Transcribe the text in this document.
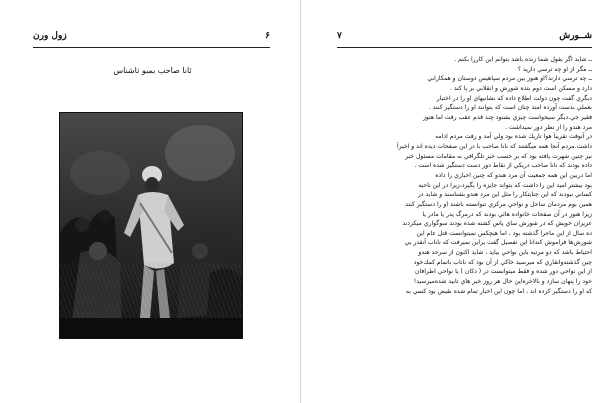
زول ورن	۶
ئانا صاحب بمبو تاشناس
شــورش
۷
ــ شايد اگر بقول شما زنده باشد بتوانم اين كاررا بكنم .
ــ مگر از او چه ترسي داريد ؟
ــ چه ترسي دارند؟او هنوز بين مردم سپاهيس دوستان و همكاراني
دارد و مسكن است دوم بتده شورش و انقلابي بر پا كند .
ديگري گفت چون دولت اطلاع داده كه نشانيهاي او را در اختيار
بعملي بدست آورده امند چنان است كه بتوانند او را دستگير كنند .
فقير جي.ديگر سيحواست چيزي بشنود چند قدم عقب رفت اما هنوز
مرد هندو را از نظر دور نميداشت .
در آنوقت تقريباً هوا تاريك شده بود ولي آمد و رفت مردم ادامه
داشت.مردم آنجا همه ميگفتند كه نانا صاحب با در اين صفحات ديده اند و اخيراً
نيز چنين شهرت يافته بود كه بر حسب خبر تلگرافي به مقامات مسئول خبر
داده بودند كه نانا صاحب دريكي از نقاط دور دست دستگير شده است .
اما دربين اين همه جمعيت آن مرد هندو كه چنين اخباري را داده
بود بيشتر اميد اين را داشت كه بتواند جايزه را بگيرد،زيرا در اين ناحيه
كساني نبودند كه اين جنايتكار را مثل اين مرد هندو بشناسند و شايد در
همين بوم مردمان ساحل و نواحي مركزي نتوانسته باشند او را دستگير كنند
زيرا هنوز در آن صفحات خانواده هائي بودند كه درمرگ پدر يا مادر يا
عزيزان خويش كه در شورش ساي پاس كشته شده بودند سوگواري ميكردند
ده سال از اين ماجرا گذشته بود ، اما هيچكس نميتوانست قتل عام اين
شورش‌ها فراموش كندانا اين تفصيل گفت براين نميرفت كه ناناب آنقدر بي
احتياط باشد كه دو مرتبه باين نواحي بيايد ، شايد اكنون از سرحد هندو
چين گذشته‌وانقاري كه ميرسيد خاكي از آن بود كه ناناب باتمام كمك‌خود
از اين نواحي دور شده و فقط ميتوانست در ( دكان ) يا نواحي اطرافان
خود را پنهان سازد و بالاخره‌اين حال هر روز خبر هاي تابيد شده‌ميرسيد!
كه او را دستگير كرده اند ، اما چون اين اخبار تمام شده نقيض بود كسي به
